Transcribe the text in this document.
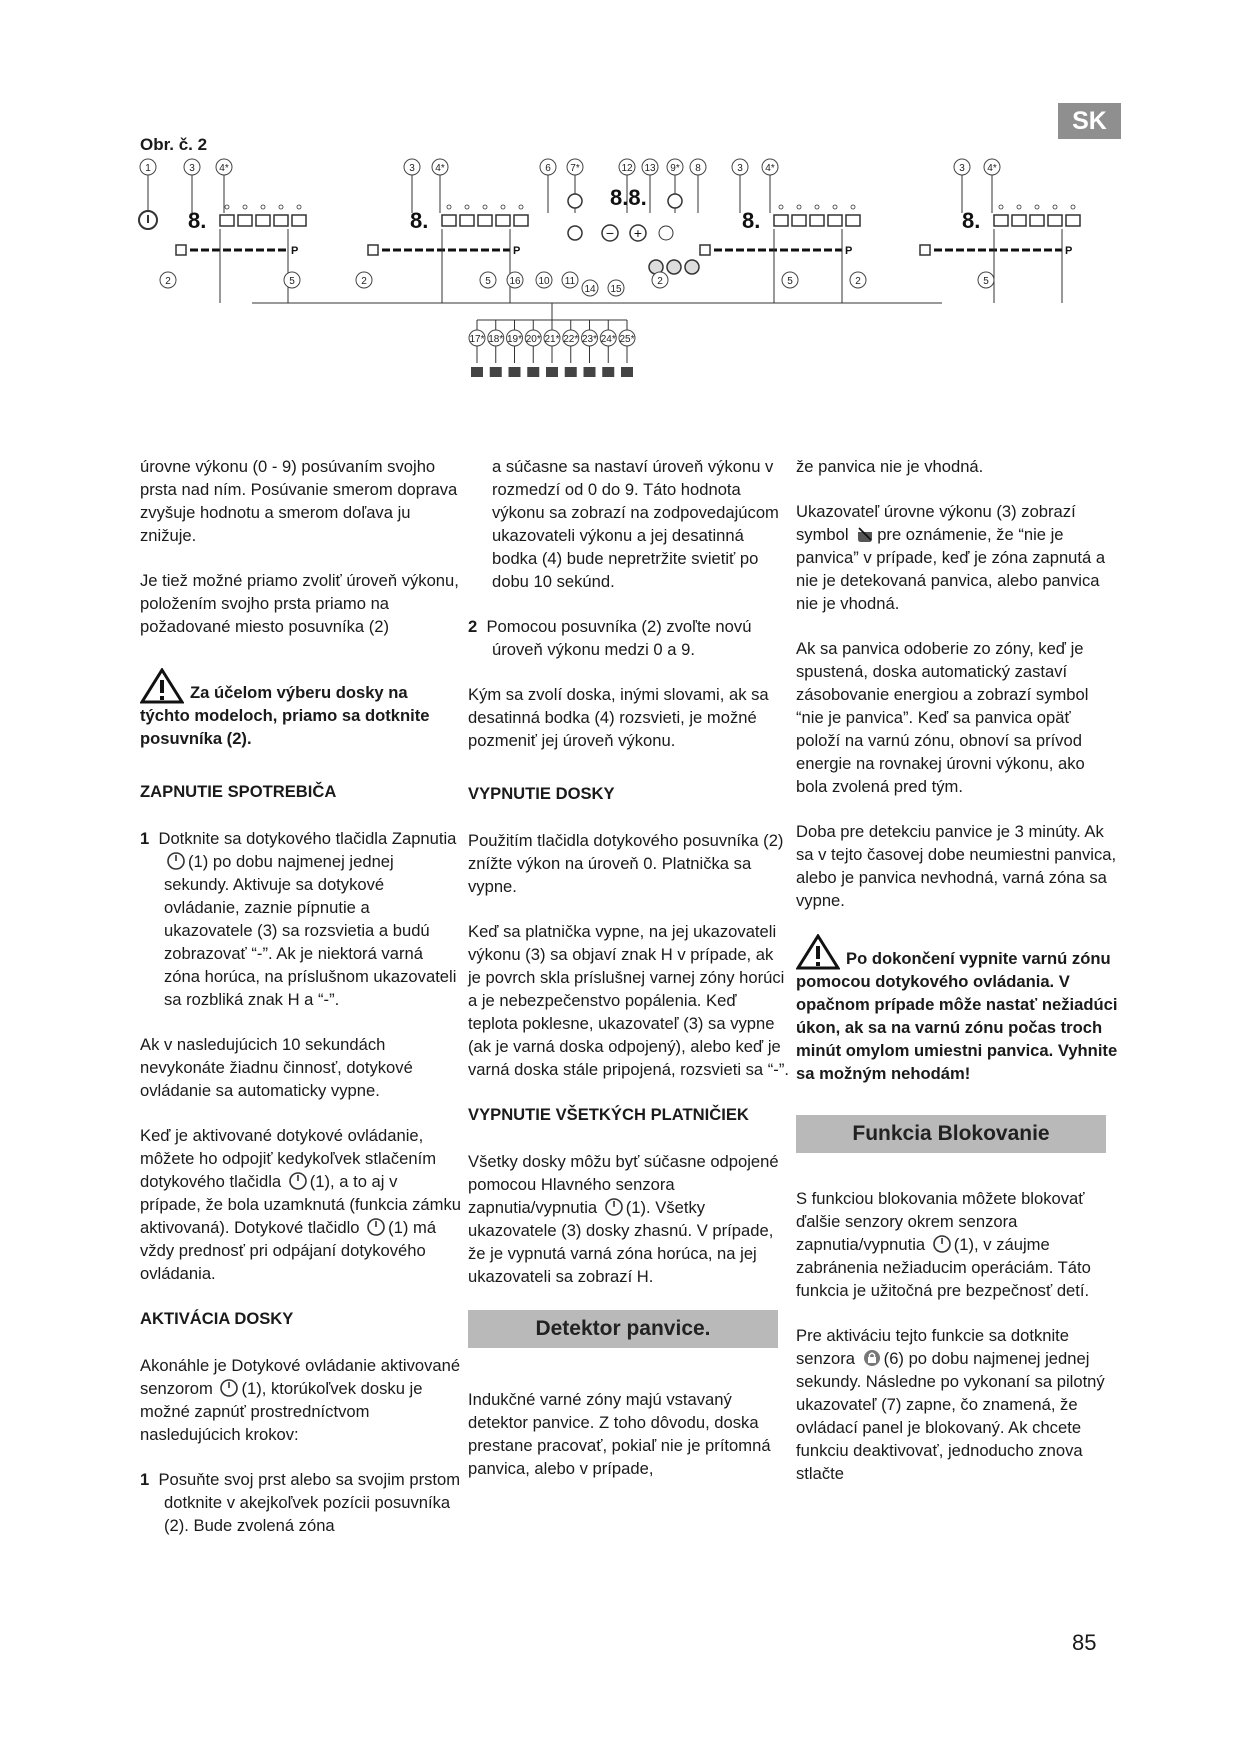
SK
Obr. č. 2
1	3 4*	3 4*	6 7*	12 13 9* 8	3 4*	3 4*
8.
P
8.
P
8.
P
8.
P
8.8.
− +
2	5	2	5 16 10 11
14 15
2	5	2	5
17* 18* 19* 20* 21* 22* 23* 24* 25*

úrovne výkonu (0 - 9) posúvaním svojho prsta nad ním. Posúvanie smerom doprava zvyšuje hodnotu a smerom doľava ju znižuje.

Je tiež možné priamo zvoliť úroveň výkonu, položením svojho prsta priamo na požadované miesto posuvníka (2)

Za účelom výberu dosky na týchto modeloch, priamo sa dotknite posuvníka (2).

ZAPNUTIE SPOTREBIČA

1 Dotknite sa dotykového tlačidla Zapnutia (1) po dobu najmenej jednej sekundy. Aktivuje sa dotykové ovládanie, zaznie pípnutie a ukazovatele (3) sa rozsvietia a budú zobrazovať “-”. Ak je niektorá varná zóna horúca, na príslušnom ukazovateli sa rozbliká znak H a “-”.

Ak v nasledujúcich 10 sekundách nevykonáte žiadnu činnosť, dotykové ovládanie sa automaticky vypne.

Keď je aktivované dotykové ovládanie, môžete ho odpojiť kedykoľvek stlačením dotykového tlačidla (1), a to aj v prípade, že bola uzamknutá (funkcia zámku aktivovaná). Dotykové tlačidlo (1) má vždy prednosť pri odpájaní dotykového ovládania.

AKTIVÁCIA DOSKY

Akonáhle je Dotykové ovládanie aktivované senzorom (1), ktorúkoľvek dosku je možné zapnúť prostredníctvom nasledujúcich krokov:

1 Posuňte svoj prst alebo sa svojim prstom dotknite v akejkoľvek pozícii posuvníka (2). Bude zvolená zóna

a súčasne sa nastaví úroveň výkonu v rozmedzí od 0 do 9. Táto hodnota výkonu sa zobrazí na zodpovedajúcom ukazovateli výkonu a jej desatinná bodka (4) bude nepretržite svietiť po dobu 10 sekúnd.

2 Pomocou posuvníka (2) zvoľte novú úroveň výkonu medzi 0 a 9.

Kým sa zvolí doska, inými slovami, ak sa desatinná bodka (4) rozsvieti, je možné pozmeniť jej úroveň výkonu.

VYPNUTIE DOSKY

Použitím tlačidla dotykového posuvníka (2) znížte výkon na úroveň 0. Platnička sa vypne.

Keď sa platnička vypne, na jej ukazovateli výkonu (3) sa objaví znak H v prípade, ak je povrch skla príslušnej varnej zóny horúci a je nebezpečenstvo popálenia. Keď teplota poklesne, ukazovateľ (3) sa vypne (ak je varná doska odpojený), alebo keď je varná doska stále pripojená, rozsvieti sa “-”.

VYPNUTIE VŠETKÝCH PLATNIČIEK

Všetky dosky môžu byť súčasne odpojené pomocou Hlavného senzora zapnutia/vypnutia (1). Všetky ukazovatele (3) dosky zhasnú. V prípade, že je vypnutá varná zóna horúca, na jej ukazovateli sa zobrazí H.

Detektor panvice.

Indukčné varné zóny majú vstavaný detektor panvice. Z toho dôvodu, doska prestane pracovať, pokiaľ nie je prítomná panvica, alebo v prípade,

že panvica nie je vhodná.

Ukazovateľ úrovne výkonu (3) zobrazí symbol pre oznámenie, že “nie je panvica” v prípade, keď je zóna zapnutá a nie je detekovaná panvica, alebo panvica nie je vhodná.

Ak sa panvica odoberie zo zóny, keď je spustená, doska automatický zastaví zásobovanie energiou a zobrazí symbol “nie je panvica”. Keď sa panvica opäť položí na varnú zónu, obnoví sa prívod energie na rovnakej úrovni výkonu, ako bola zvolená pred tým.

Doba pre detekciu panvice je 3 minúty. Ak sa v tejto časovej dobe neumiestni panvica, alebo je panvica nevhodná, varná zóna sa vypne.

Po dokončení vypnite varnú zónu pomocou dotykového ovládania. V opačnom prípade môže nastať nežiadúci úkon, ak sa na varnú zónu počas troch minút omylom umiestni panvica. Vyhnite sa možným nehodám!

Funkcia Blokovanie

S funkciou blokovania môžete blokovať ďalšie senzory okrem senzora zapnutia/vypnutia (1), v záujme zabránenia nežiaducim operáciám. Táto funkcia je užitočná pre bezpečnosť detí.

Pre aktiváciu tejto funkcie sa dotknite senzora (6) po dobu najmenej jednej sekundy. Následne po vykonaní sa pilotný ukazovateľ (7) zapne, čo znamená, že ovládací panel je blokovaný. Ak chcete funkciu deaktivovať, jednoducho znova stlačte

85
